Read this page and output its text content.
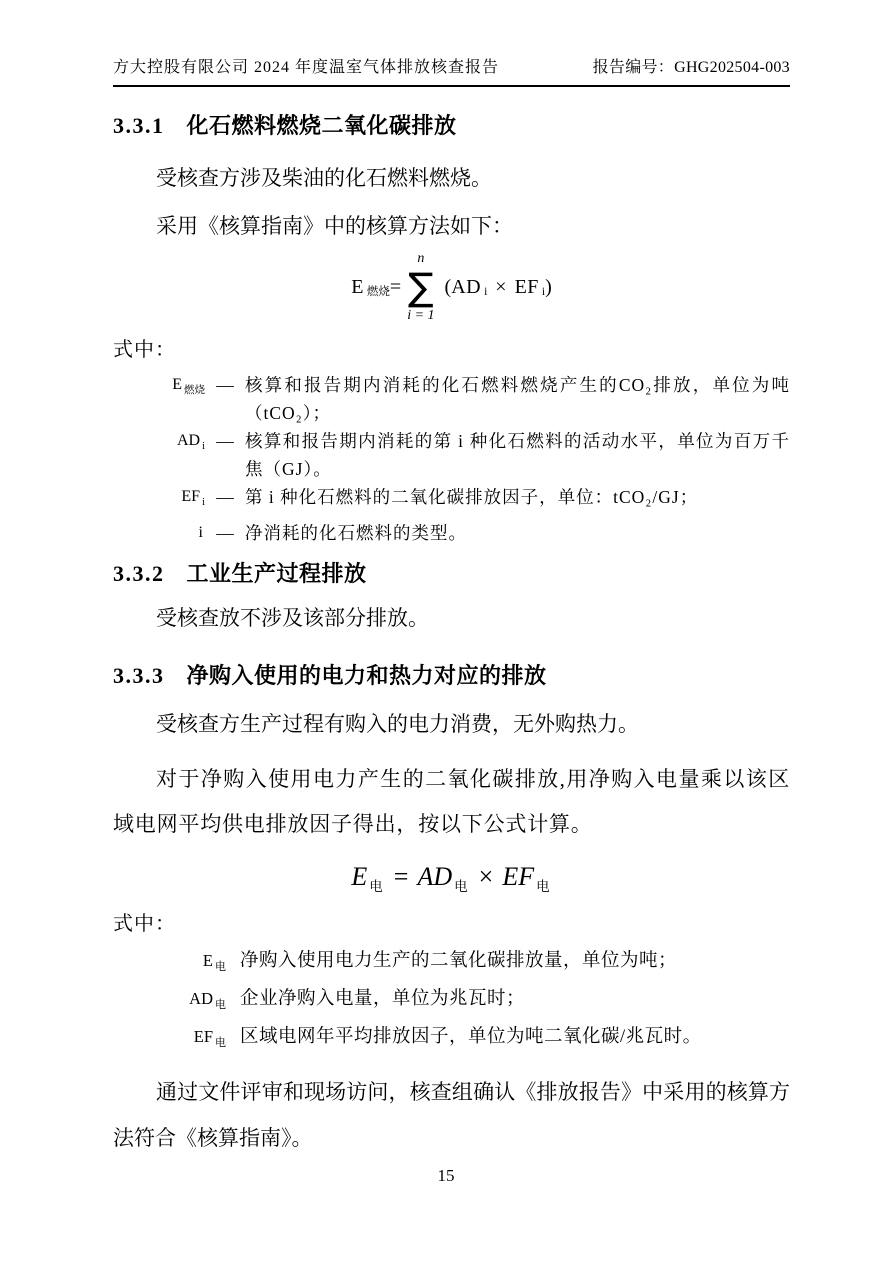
方大控股有限公司 2024 年度温室气体排放核查报告	报告编号：GHG202504-003
3.3.1 化石燃料燃烧二氧化碳排放

受核查方涉及柴油的化石燃料燃烧。

采用《核算指南》中的核算方法如下：

E 燃烧 =
n
∑
i = 1
( AD i × EF i )
式中：
E $_{燃烧}$ — 核算和报告期内消耗的化石燃料燃烧产生的CO₂排放，单位为吨（tCO₂）；
AD $_i$ — 核算和报告期内消耗的第 i 种化石燃料的活动水平，单位为百万千焦（GJ）。
EF $_i$ — 第 i 种化石燃料的二氧化碳排放因子，单位：tCO₂/GJ；
i — 净消耗的化石燃料的类型。
3.3.2 工业生产过程排放

受核查放不涉及该部分排放。

3.3.3 净购入使用的电力和热力对应的排放

受核查方生产过程有购入的电力消费，无外购热力。

对于净购入使用电力产生的二氧化碳排放,用净购入电量乘以该区域电网平均供电排放因子得出，按以下公式计算。

E 电 = AD 电 × EF 电
式中：
E $_电$ 净购入使用电力生产的二氧化碳排放量，单位为吨；
AD $_电$ 企业净购入电量，单位为兆瓦时；
EF $_电$ 区域电网年平均排放因子，单位为吨二氧化碳/兆瓦时。

通过文件评审和现场访问，核查组确认《排放报告》中采用的核算方法符合《核算指南》。

15
